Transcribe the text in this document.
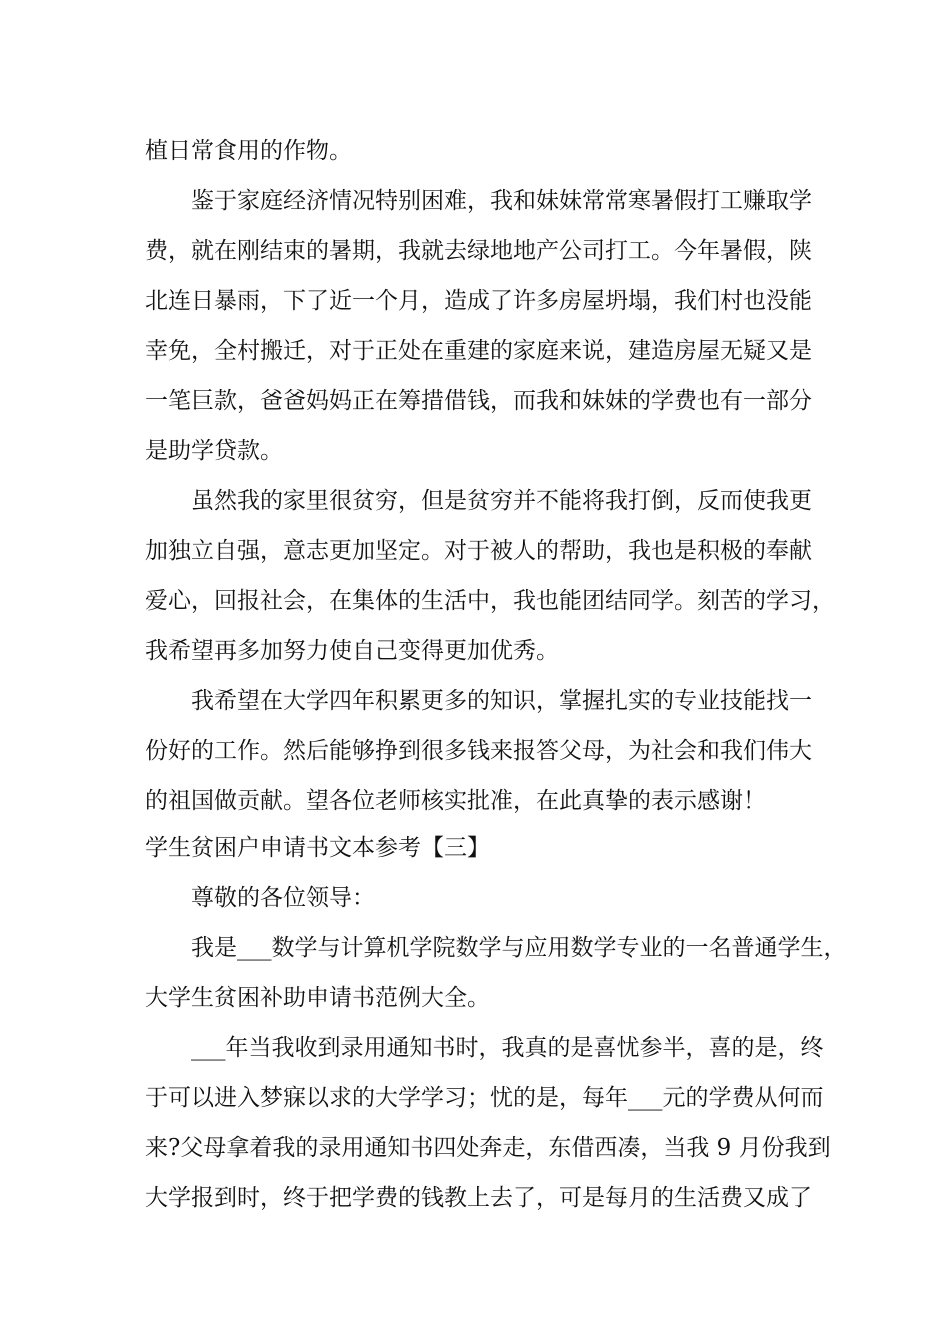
植日常食用的作物。
鉴于家庭经济情况特别困难，我和妹妹常常寒暑假打工赚取学
费，就在刚结束的暑期，我就去绿地地产公司打工。今年暑假，陕
北连日暴雨，下了近一个月，造成了许多房屋坍塌，我们村也没能
幸免，全村搬迁，对于正处在重建的家庭来说，建造房屋无疑又是
一笔巨款，爸爸妈妈正在筹措借钱，而我和妹妹的学费也有一部分
是助学贷款。
虽然我的家里很贫穷，但是贫穷并不能将我打倒，反而使我更
加独立自强，意志更加坚定。对于被人的帮助，我也是积极的奉献
爱心，回报社会，在集体的生活中，我也能团结同学。刻苦的学习，
我希望再多加努力使自己变得更加优秀。
我希望在大学四年积累更多的知识，掌握扎实的专业技能找一
份好的工作。然后能够挣到很多钱来报答父母，为社会和我们伟大
的祖国做贡献。望各位老师核实批准，在此真挚的表示感谢！
学生贫困户申请书文本参考【三】
尊敬的各位领导：
我是___数学与计算机学院数学与应用数学专业的一名普通学生，
大学生贫困补助申请书范例大全。
___年当我收到录用通知书时，我真的是喜忧参半，喜的是，终
于可以进入梦寐以求的大学学习；忧的是，每年___元的学费从何而
来?父母拿着我的录用通知书四处奔走，东借西凑，当我 9 月份我到
大学报到时，终于把学费的钱教上去了，可是每月的生活费又成了
